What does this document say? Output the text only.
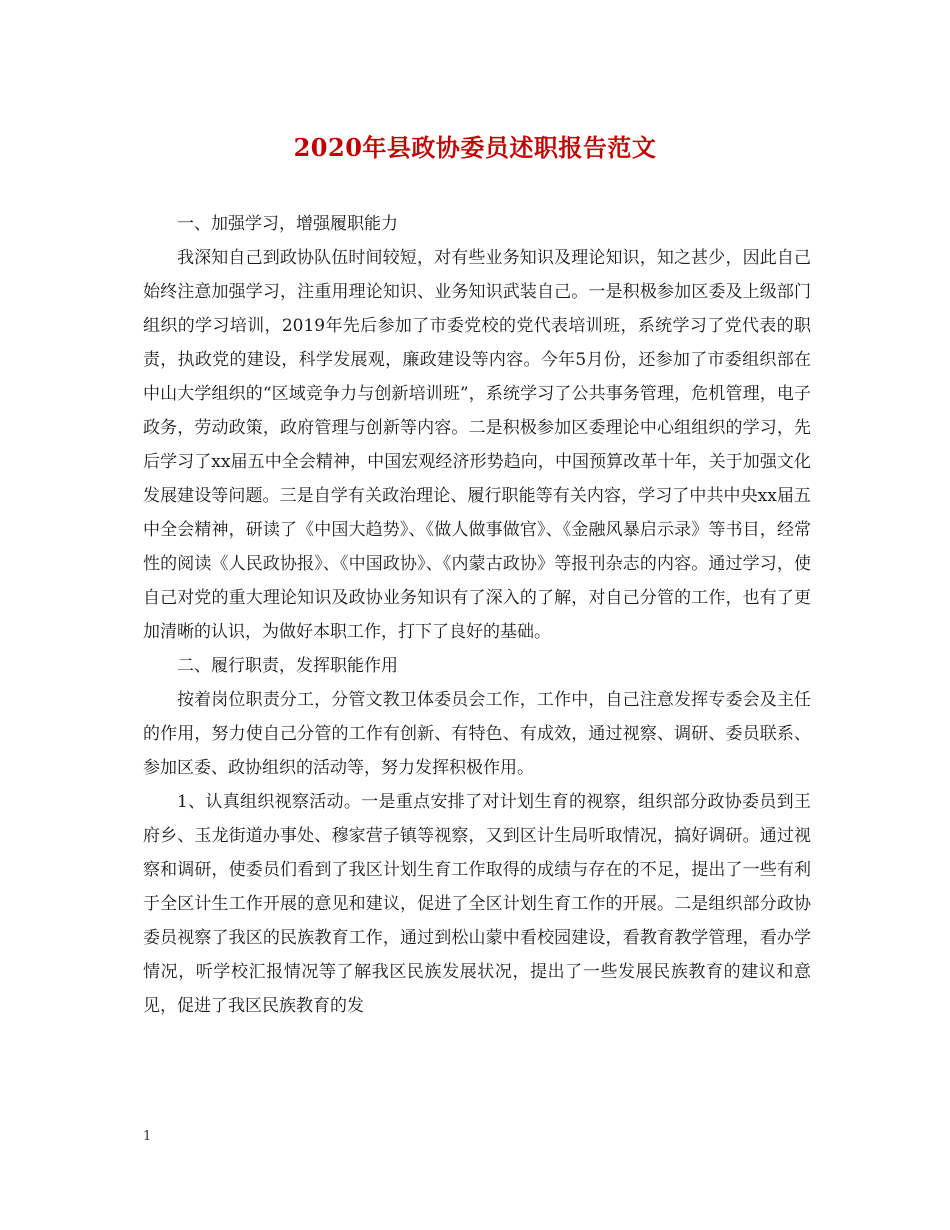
2020年县政协委员述职报告范文

一、加强学习，增强履职能力

我深知自己到政协队伍时间较短，对有些业务知识及理论知识，知之甚少，因此自己始终注意加强学习，注重用理论知识、业务知识武装自己。一是积极参加区委及上级部门组织的学习培训，2019年先后参加了市委党校的党代表培训班，系统学习了党代表的职责，执政党的建设，科学发展观，廉政建设等内容。今年5月份，还参加了市委组织部在中山大学组织的“区域竞争力与创新培训班”，系统学习了公共事务管理，危机管理，电子政务，劳动政策，政府管理与创新等内容。二是积极参加区委理论中心组组织的学习，先后学习了xx届五中全会精神，中国宏观经济形势趋向，中国预算改革十年，关于加强文化发展建设等问题。三是自学有关政治理论、履行职能等有关内容，学习了中共中央xx届五中全会精神，研读了《中国大趋势》、《做人做事做官》、《金融风暴启示录》等书目，经常性的阅读《人民政协报》、《中国政协》、《内蒙古政协》等报刊杂志的内容。通过学习，使自己对党的重大理论知识及政协业务知识有了深入的了解，对自己分管的工作，也有了更加清晰的认识，为做好本职工作，打下了良好的基础。

二、履行职责，发挥职能作用

按着岗位职责分工，分管文教卫体委员会工作，工作中，自己注意发挥专委会及主任的作用，努力使自己分管的工作有创新、有特色、有成效，通过视察、调研、委员联系、参加区委、政协组织的活动等，努力发挥积极作用。

1、认真组织视察活动。一是重点安排了对计划生育的视察，组织部分政协委员到王府乡、玉龙街道办事处、穆家营子镇等视察，又到区计生局听取情况，搞好调研。通过视察和调研，使委员们看到了我区计划生育工作取得的成绩与存在的不足，提出了一些有利于全区计生工作开展的意见和建议，促进了全区计划生育工作的开展。二是组织部分政协委员视察了我区的民族教育工作，通过到松山蒙中看校园建设，看教育教学管理，看办学情况，听学校汇报情况等了解我区民族发展状况，提出了一些发展民族教育的建议和意见，促进了我区民族教育的发

1
